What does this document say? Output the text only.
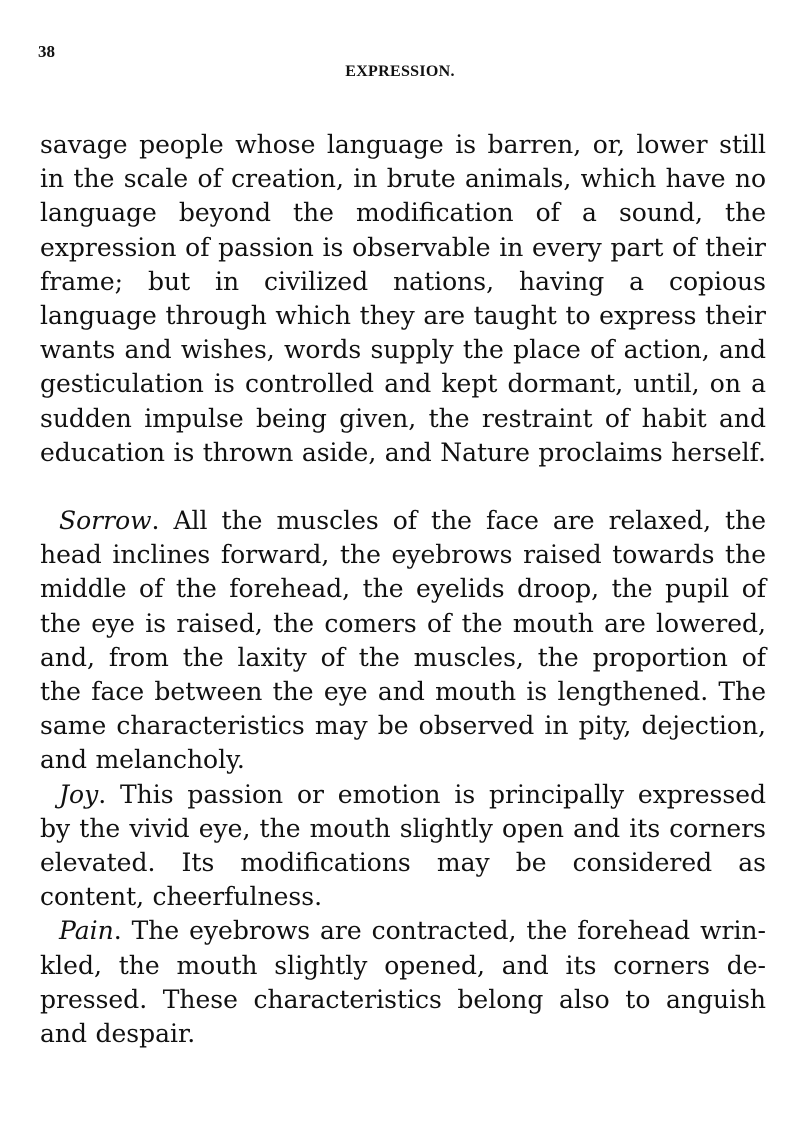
38
EXPRESSION.

savage people whose language is barren, or, lower still in the scale of creation, in brute animals, which have no language beyond the modification of a sound, the expression of passion is observable in every part of their frame; but in civilized nations, having a copious language through which they are taught to express their wants and wishes, words supply the place of action, and gesticulation is controlled and kept dormant, until, on a sudden impulse being given, the restraint of habit and education is thrown aside, and Nature proclaims herself.

Sorrow. All the muscles of the face are relaxed, the head inclines forward, the eyebrows raised towards the middle of the forehead, the eyelids droop, the pupil of the eye is raised, the comers of the mouth are lowered, and, from the laxity of the muscles, the proportion of the face between the eye and mouth is lengthened. The same characteristics may be observed in pity, dejection, and melancholy.

Joy. This passion or emotion is principally expressed by the vivid eye, the mouth slightly open and its corners elevated. Its modifications may be considered as content, cheerfulness.

Pain. The eyebrows are contracted, the forehead wrinkled, the mouth slightly opened, and its corners depressed. These characteristics belong also to anguish and despair.
